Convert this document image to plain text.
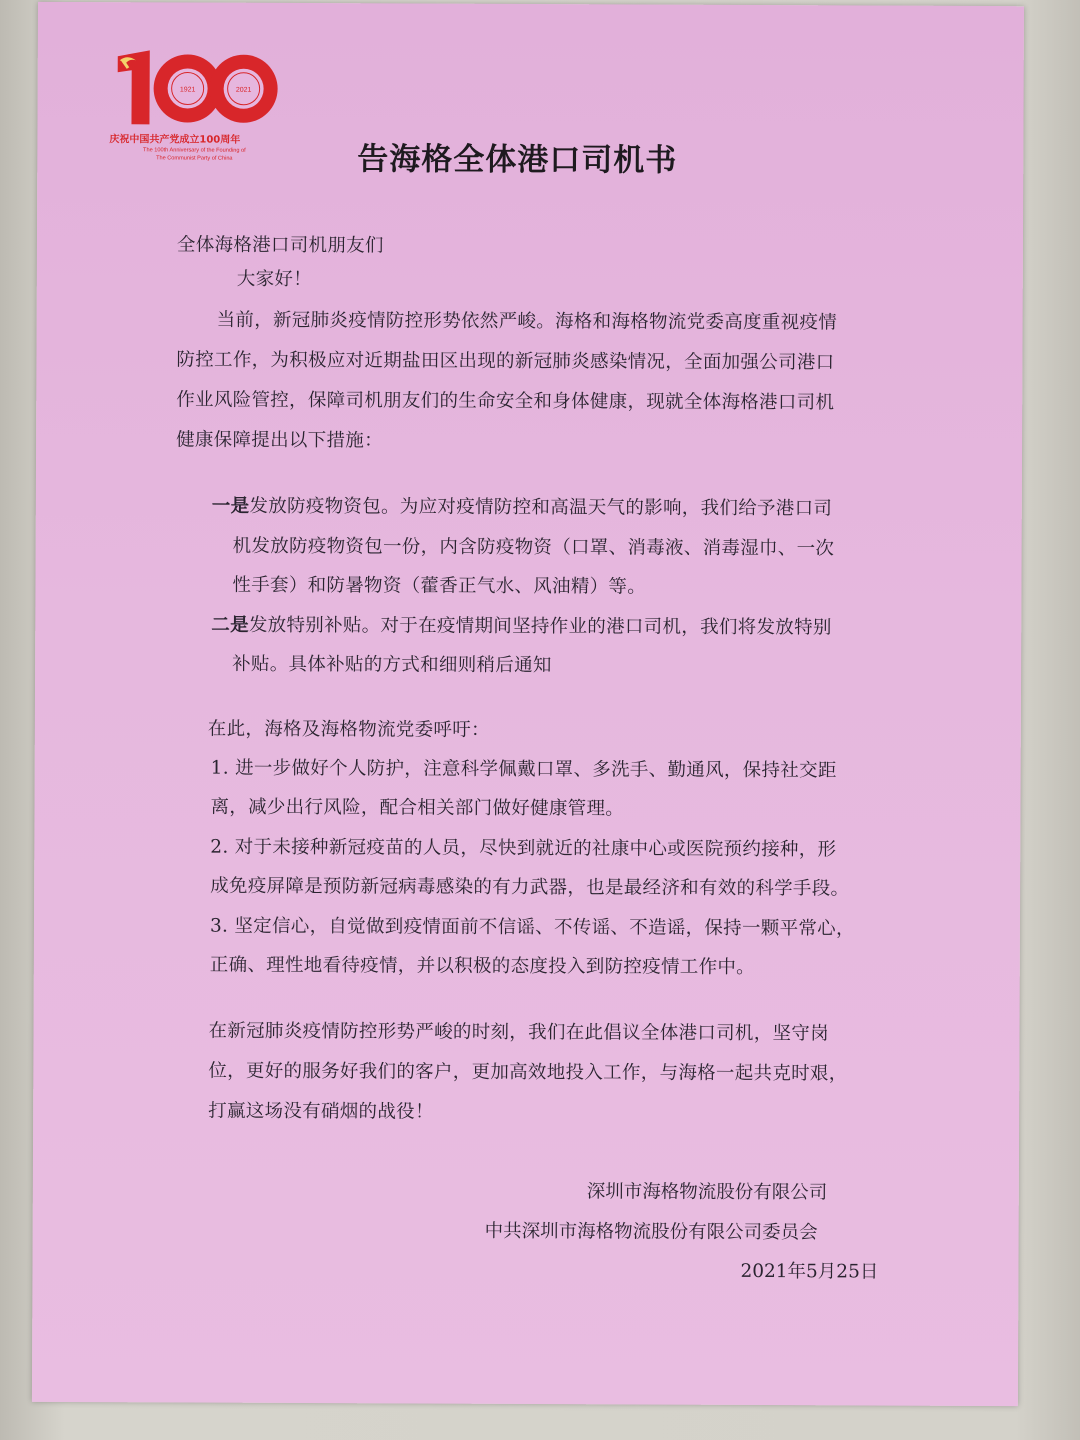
1921	2021
庆祝中国共产党成立100周年
The 100th Anniversary of the Founding of
The Communist Party of China	告海格全体港口司机书
全体海格港口司机朋友们
大家好！
当前，新冠肺炎疫情防控形势依然严峻。海格和海格物流党委高度重视疫情
防控工作，为积极应对近期盐田区出现的新冠肺炎感染情况，全面加强公司港口
作业风险管控，保障司机朋友们的生命安全和身体健康，现就全体海格港口司机
健康保障提出以下措施：
一是发放防疫物资包。为应对疫情防控和高温天气的影响，我们给予港口司
机发放防疫物资包一份，内含防疫物资（口罩、消毒液、消毒湿巾、一次
性手套）和防暑物资（藿香正气水、风油精）等。
二是发放特别补贴。对于在疫情期间坚持作业的港口司机，我们将发放特别
补贴。具体补贴的方式和细则稍后通知
在此，海格及海格物流党委呼吁：
1. 进一步做好个人防护，注意科学佩戴口罩、多洗手、勤通风，保持社交距
离，减少出行风险，配合相关部门做好健康管理。
2. 对于未接种新冠疫苗的人员，尽快到就近的社康中心或医院预约接种，形
成免疫屏障是预防新冠病毒感染的有力武器，也是最经济和有效的科学手段。
3. 坚定信心，自觉做到疫情面前不信谣、不传谣、不造谣，保持一颗平常心，
正确、理性地看待疫情，并以积极的态度投入到防控疫情工作中。
在新冠肺炎疫情防控形势严峻的时刻，我们在此倡议全体港口司机，坚守岗
位，更好的服务好我们的客户，更加高效地投入工作，与海格一起共克时艰，
打赢这场没有硝烟的战役！
深圳市海格物流股份有限公司
中共深圳市海格物流股份有限公司委员会
2021年5月25日
